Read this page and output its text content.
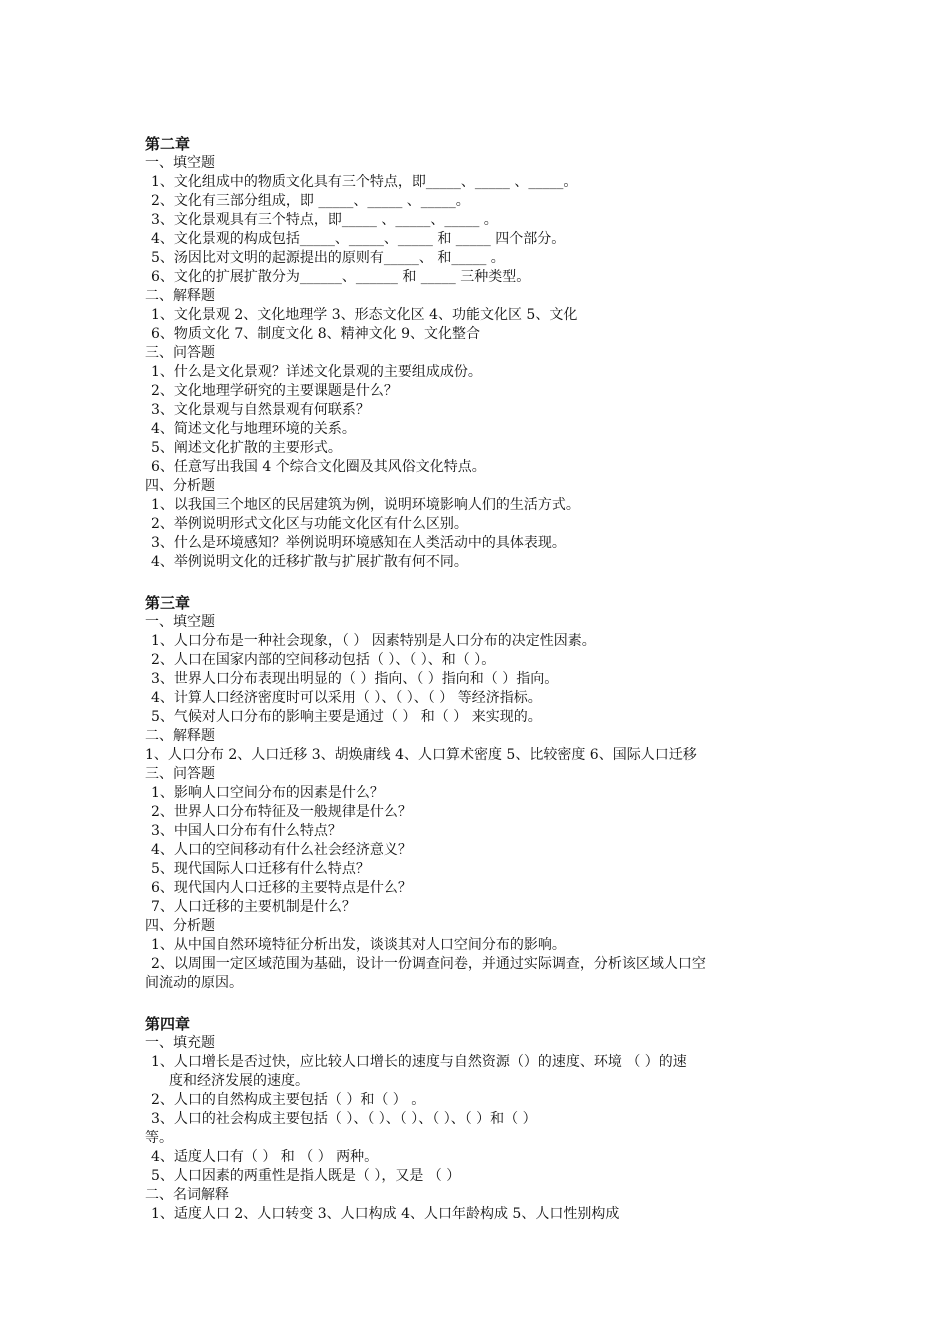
第二章

一、填空题

1、文化组成中的物质文化具有三个特点，即_____、_____ 、_____。

2、文化有三部分组成，即 _____、_____ 、_____。

3、文化景观具有三个特点，即_____ 、_____、_____ 。

4、文化景观的构成包括_____、_____、_____ 和 _____ 四个部分。

5、汤因比对文明的起源提出的原则有_____、 和_____ 。

6、文化的扩展扩散分为______、______ 和 _____ 三种类型。

二、解释题

1、文化景观 2、文化地理学 3、形态文化区 4、功能文化区 5、文化

6、物质文化 7、制度文化 8、精神文化 9、文化整合

三、问答题

1、什么是文化景观？详述文化景观的主要组成成份。

2、文化地理学研究的主要课题是什么？

3、文化景观与自然景观有何联系？

4、简述文化与地理环境的关系。

5、阐述文化扩散的主要形式。

6、任意写出我国 4 个综合文化圈及其风俗文化特点。

四、分析题

1、以我国三个地区的民居建筑为例，说明环境影响人们的生活方式。

2、举例说明形式文化区与功能文化区有什么区别。

3、什么是环境感知？举例说明环境感知在人类活动中的具体表现。

4、举例说明文化的迁移扩散与扩展扩散有何不同。

第三章

一、填空题

1、人口分布是一种社会现象，（ ） 因素特别是人口分布的决定性因素。

2、人口在国家内部的空间移动包括（ ）、（ ）、和（ ）。

3、世界人口分布表现出明显的（ ）指向、（ ）指向和（ ）指向。

4、计算人口经济密度时可以采用（ ）、（ ）、（ ） 等经济指标。

5、气候对人口分布的影响主要是通过（ ） 和（ ） 来实现的。

二、解释题

1、人口分布 2、人口迁移 3、胡焕庸线 4、人口算术密度 5、比较密度 6、国际人口迁移

三、问答题

1、影响人口空间分布的因素是什么？

2、世界人口分布特征及一般规律是什么？

3、中国人口分布有什么特点？

4、人口的空间移动有什么社会经济意义？

5、现代国际人口迁移有什么特点？

6、现代国内人口迁移的主要特点是什么？

7、人口迁移的主要机制是什么？

四、分析题

1、从中国自然环境特征分析出发，谈谈其对人口空间分布的影响。

2、以周围一定区域范围为基础，设计一份调查问卷，并通过实际调查，分析该区域人口空

间流动的原因。

第四章

一、填充题

1、人口增长是否过快，应比较人口增长的速度与自然资源（）的速度、环境 （ ）的速

度和经济发展的速度。

2、人口的自然构成主要包括（ ）和（ ） 。

3、人口的社会构成主要包括（ ）、（ ）、（ ）、（ ）、（ ）和（ ）

等。

4、适度人口有（ ） 和 （ ） 两种。

5、人口因素的两重性是指人既是（ ），又是 （ ）

二、名词解释

1、适度人口 2、人口转变 3、人口构成 4、人口年龄构成 5、人口性别构成
